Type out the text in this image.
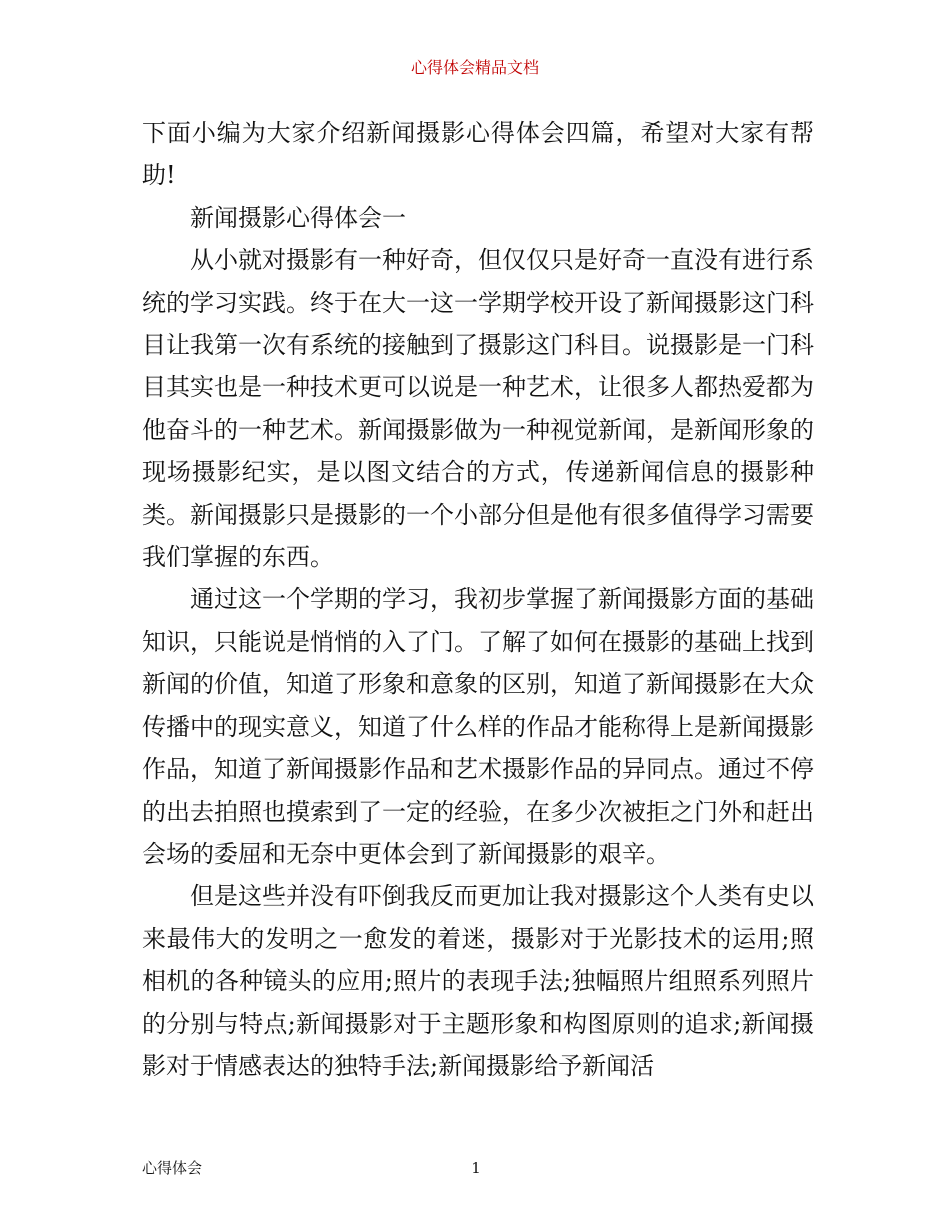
心得体会精品文档

下面小编为大家介绍新闻摄影心得体会四篇，希望对大家有帮助!

新闻摄影心得体会一

从小就对摄影有一种好奇，但仅仅只是好奇一直没有进行系统的学习实践。终于在大一这一学期学校开设了新闻摄影这门科目让我第一次有系统的接触到了摄影这门科目。说摄影是一门科目其实也是一种技术更可以说是一种艺术，让很多人都热爱都为他奋斗的一种艺术。新闻摄影做为一种视觉新闻，是新闻形象的现场摄影纪实，是以图文结合的方式，传递新闻信息的摄影种类。新闻摄影只是摄影的一个小部分但是他有很多值得学习需要我们掌握的东西。

通过这一个学期的学习，我初步掌握了新闻摄影方面的基础知识，只能说是悄悄的入了门。了解了如何在摄影的基础上找到新闻的价值，知道了形象和意象的区别，知道了新闻摄影在大众传播中的现实意义，知道了什么样的作品才能称得上是新闻摄影作品，知道了新闻摄影作品和艺术摄影作品的异同点。通过不停的出去拍照也摸索到了一定的经验，在多少次被拒之门外和赶出会场的委屈和无奈中更体会到了新闻摄影的艰辛。

但是这些并没有吓倒我反而更加让我对摄影这个人类有史以来最伟大的发明之一愈发的着迷，摄影对于光影技术的运用;照相机的各种镜头的应用;照片的表现手法;独幅照片组照系列照片的分别与特点;新闻摄影对于主题形象和构图原则的追求;新闻摄影对于情感表达的独特手法;新闻摄影给予新闻活

心得体会	1
